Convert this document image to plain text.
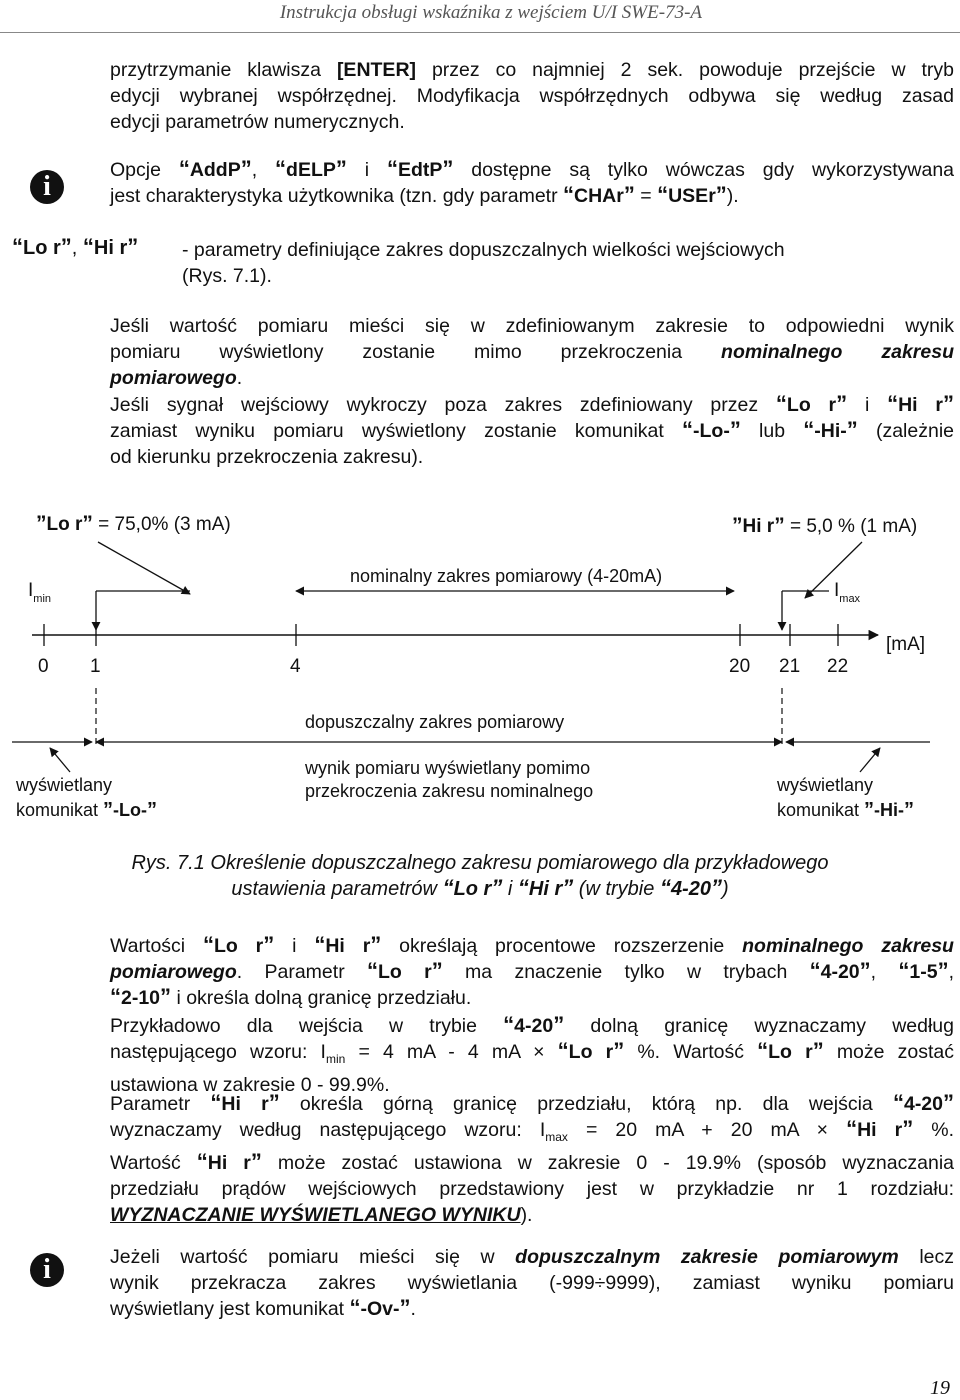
Instrukcja obsługi wskaźnika z wejściem U/I SWE-73-A
przytrzymanie klawisza [ENTER] przez co najmniej 2 sek. powoduje przejście w tryb
edycji wybranej współrzędnej. Modyfikacja współrzędnych odbywa się według zasad
edycji parametrów numerycznych.
i
Opcje “AddP”, “dELP” i “EdtP” dostępne są tylko wówczas gdy wykorzystywana
jest charakterystyka użytkownika (tzn. gdy parametr “CHAr” = “USEr”).
“Lo r”, “Hi r” - parametry definiujące zakres dopuszczalnych wielkości wejściowych
(Rys. 7.1).
Jeśli wartość pomiaru mieści się w zdefiniowanym zakresie to odpowiedni wynik
pomiaru wyświetlony zostanie mimo przekroczenia nominalnego zakresu
pomiarowego.
Jeśli sygnał wejściowy wykroczy poza zakres zdefiniowany przez “Lo r” i “Hi r”
zamiast wyniku pomiaru wyświetlony zostanie komunikat “-Lo-” lub “-Hi-” (zależnie
od kierunku przekroczenia zakresu).
”Lo r” = 75,0% (3 mA)	”Hi r” = 5,0 % (1 mA)
$I_{min}$	$I_{max}$
nominalny zakres pomiarowy (4-20mA)
[mA]
0 1	4	20 21 22
dopuszczalny zakres pomiarowy
wyświetlany
komunikat ”-Lo-”
wynik pomiaru wyświetlany pomimo
przekroczenia zakresu nominalnego	wyświetlany
komunikat ”-Hi-”
Rys. 7.1 Określenie dopuszczalnego zakresu pomiarowego dla przykładowego
ustawienia parametrów “Lo r” i “Hi r” (w trybie “4-20”)
Wartości “Lo r” i “Hi r” określają procentowe rozszerzenie nominalnego zakresu
pomiarowego. Parametr “Lo r” ma znaczenie tylko w trybach “4-20”, “1-5”,
“2-10” i określa dolną granicę przedziału.
Przykładowo dla wejścia w trybie “4-20” dolną granicę wyznaczamy według
następującego wzoru: $I_{min} = 4$ mA - 4 mA × “Lo r” %. Wartość “Lo r” może zostać
ustawiona w zakresie 0 - 99.9%.
Parametr “Hi r” określa górną granicę przedziału, którą np. dla wejścia “4-20”
wyznaczamy według następującego wzoru: $I_{max} = 20$ mA + 20 mA × “Hi r” %.
Wartość “Hi r” może zostać ustawiona w zakresie 0 - 19.9% (sposób wyznaczania
przedziału prądów wejściowych przedstawiony jest w przykładzie nr 1 rozdziału:
WYZNACZANIE WYŚWIETLANEGO WYNIKU).
i	Jeżeli wartość pomiaru mieści się w dopuszczalnym zakresie pomiarowym lecz
wynik przekracza zakres wyświetlania (-999÷9999), zamiast wyniku pomiaru
wyświetlany jest komunikat “-Ov-”.
19
